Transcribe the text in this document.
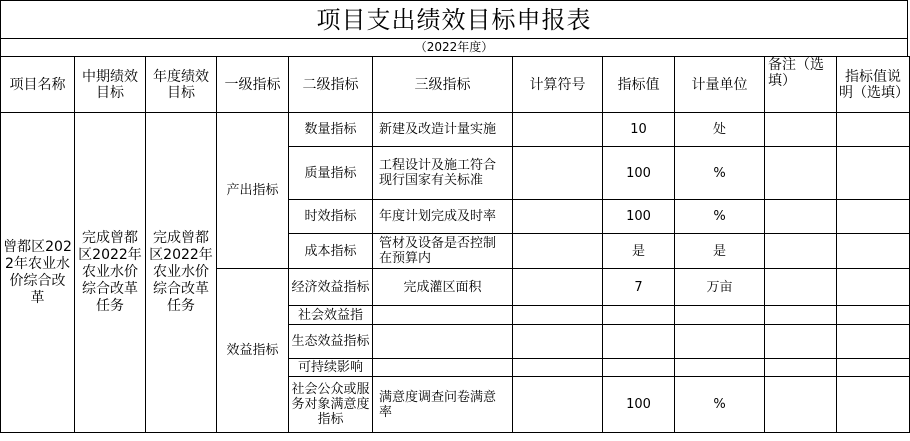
项目支出绩效目标申报表
（2022年度）
项目名称	中期绩效目标	年度绩效目标	一级指标	二级指标	三级指标	计算符号	指标值	计量单位	备注（选填）	指标值说明（选填）
曾都区2022年农业水价综合改革	完成曾都区2022年农业水价综合改革任务	完成曾都区2022年农业水价综合改革任务	产出指标	数量指标	新建及改造计量实施		10	处		
				质量指标	工程设计及施工符合现行国家有关标准		100	%		
				时效指标	年度计划完成及时率		100	%		
				成本指标	管材及设备是否控制在预算内		是	是		
			效益指标	经济效益指标	完成灌区面积		7	万亩		
				社会效益指						
				生态效益指标						
				可持续影响						
				社会公众或服务对象满意度指标	满意度调查问卷满意率		100	%		
